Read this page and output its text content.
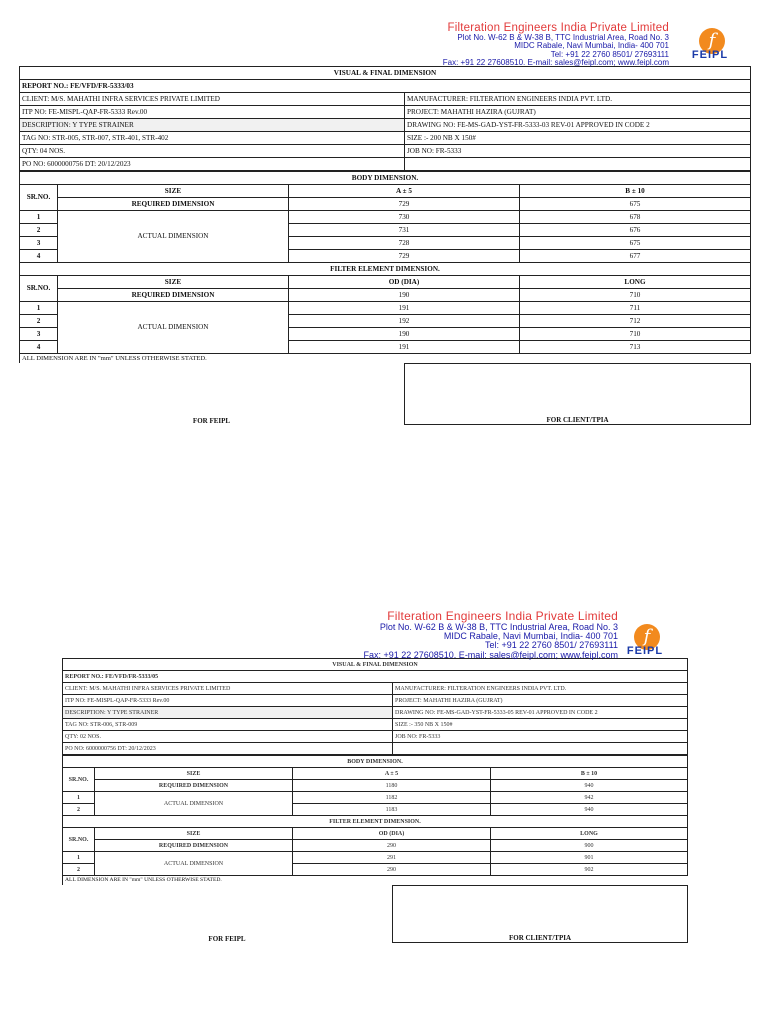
Filteration Engineers India Private Limited
Plot No. W-62 B & W-38 B, TTC Industrial Area, Road No. 3
MIDC Rabale, Navi Mumbai, India- 400 701
Tel: +91 22 2760 8501/ 27693111
Fax: +91 22 27608510. E-mail: sales@feipl.com; www.feipl.com
f
FEIPL
VISUAL & FINAL DIMENSION	
REPORT NO.: FE/VFD/FR-5333/03	
CLIENT: M/S. MAHATHI INFRA SERVICES PRIVATE LIMITED	MANUFACTURER: FILTERATION ENGINEERS INDIA PVT. LTD.
ITP NO: FE-MISPL-QAP-FR-5333 Rev.00	PROJECT: MAHATHI HAZIRA (GUJRAT)
DESCRIPTION: Y TYPE STRAINER	DRAWING NO: FE-MS-GAD-YST-FR-5333-03 REV-01 APPROVED IN CODE 2
TAG NO: STR-005, STR-007, STR-401, STR-402	SIZE :- 200 NB X 150#
QTY: 04 NOS.	JOB NO: FR-5333
PO NO: 6000000756 DT: 20/12/2023	
BODY DIMENSION.			
SR.NO.	SIZE	A ± 5	B ± 10
	REQUIRED DIMENSION	729	675
1	ACTUAL DIMENSION	730	678
2		731	676
3		728	675
4		729	677
FILTER ELEMENT DIMENSION.			
SR.NO.	SIZE	OD (DIA)	LONG
	REQUIRED DIMENSION	190	710
1	ACTUAL DIMENSION	191	711
2		192	712
3		190	710
4		191	713
ALL DIMENSION ARE IN "mm" UNLESS OTHERWISE STATED.
FOR FEIPL	FOR CLIENT/TPIA
Filteration Engineers India Private Limited
Plot No. W-62 B & W-38 B, TTC Industrial Area, Road No. 3
MIDC Rabale, Navi Mumbai, India- 400 701
Tel: +91 22 2760 8501/ 27693111
Fax: +91 22 27608510. E-mail: sales@feipl.com; www.feipl.com
f
FEIPL
VISUAL & FINAL DIMENSION	
REPORT NO.: FE/VFD/FR-5333/05	
CLIENT: M/S. MAHATHI INFRA SERVICES PRIVATE LIMITED	MANUFACTURER: FILTERATION ENGINEERS INDIA PVT. LTD.
ITP NO: FE-MISPL-QAP-FR-5333 Rev.00	PROJECT: MAHATHI HAZIRA (GUJRAT)
DESCRIPTION: Y TYPE STRAINER	DRAWING NO: FE-MS-GAD-YST-FR-5333-05 REV-01 APPROVED IN CODE 2
TAG NO: STR-006, STR-009	SIZE :- 350 NB X 150#
QTY: 02 NOS.	JOB NO: FR-5333
PO NO: 6000000756 DT: 20/12/2023	
BODY DIMENSION.			
SR.NO.	SIZE	A ± 5	B ± 10
	REQUIRED DIMENSION	1180	940
1	ACTUAL DIMENSION	1182	942
2		1183	940
FILTER ELEMENT DIMENSION.			
SR.NO.	SIZE	OD (DIA)	LONG
	REQUIRED DIMENSION	290	900
1	ACTUAL DIMENSION	291	901
2		290	902
ALL DIMENSION ARE IN "mm" UNLESS OTHERWISE STATED.
FOR FEIPL	FOR CLIENT/TPIA
